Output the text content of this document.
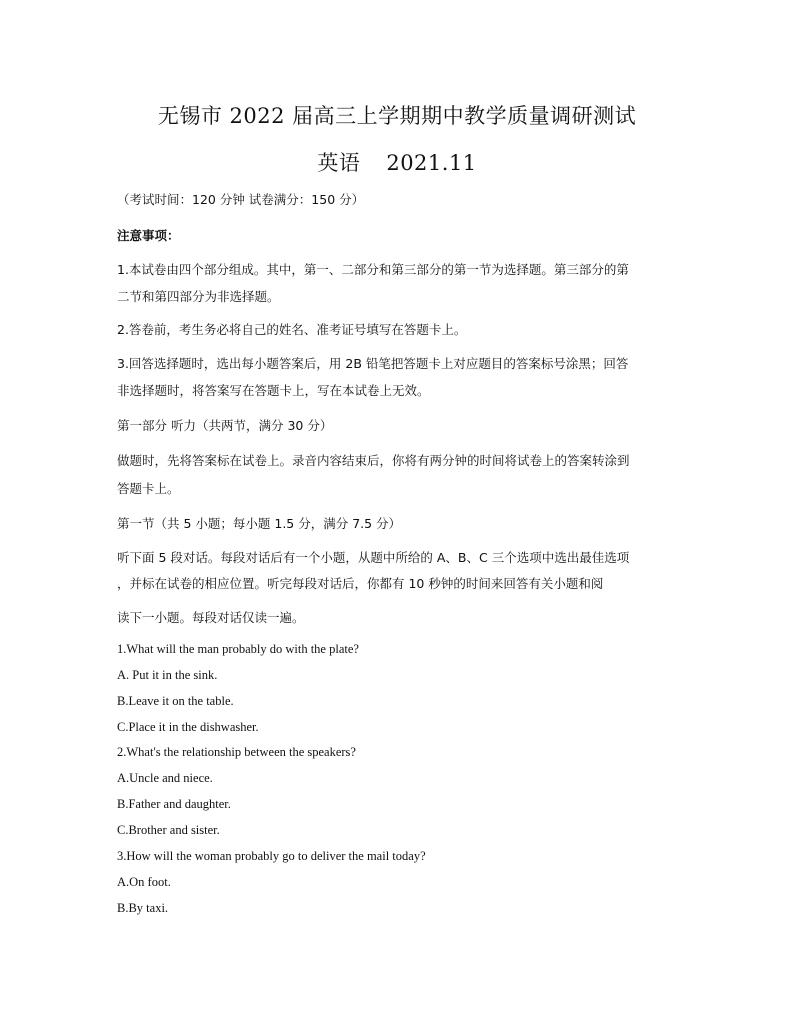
无锡市 2022 届高三上学期期中教学质量调研测试
英语 2021.11
（考试时间：120 分钟 试卷满分：150 分）
注意事项：
1.本试卷由四个部分组成。其中，第一、二部分和第三部分的第一节为选择题。第三部分的第
二节和第四部分为非选择题。
2.答卷前，考生务必将自己的姓名、准考证号填写在答题卡上。
3.回答选择题时，选出每小题答案后，用 2B 铅笔把答题卡上对应题目的答案标号涂黑；回答
非选择题时，将答案写在答题卡上，写在本试卷上无效。
第一部分 听力（共两节，满分 30 分）
做题时，先将答案标在试卷上。录音内容结束后，你将有两分钟的时间将试卷上的答案转涂到
答题卡上。
第一节（共 5 小题；每小题 1.5 分，满分 7.5 分）
听下面 5 段对话。每段对话后有一个小题，从题中所给的 A、B、C 三个选项中选出最佳选项
，并标在试卷的相应位置。听完每段对话后，你都有 10 秒钟的时间来回答有关小题和阅
读下一小题。每段对话仅读一遍。
1.What will the man probably do with the plate?
A. Put it in the sink.
B.Leave it on the table.
C.Place it in the dishwasher.
2.What's the relationship between the speakers?
A.Uncle and niece.
B.Father and daughter.
C.Brother and sister.
3.How will the woman probably go to deliver the mail today?
A.On foot.
B.By taxi.
